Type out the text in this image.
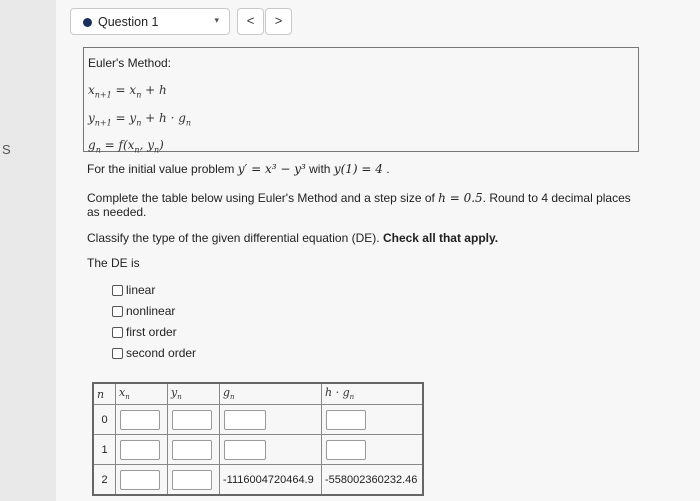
Question 1	▾	<	>
Euler's Method:
$x_{n+1} = x_n + h$
$y_{n+1} = y_n + h \cdot g_n$
$g_n = f(x_n$, $y_n$)
For the initial value problem y′ = x³ − y³ with y(1) = 4 .
Complete the table below using Euler's Method and a step size of h = 0.5. Round to 4 decimal places as needed.
Classify the type of the given differential equation (DE). Check all that apply.
The DE is
linear
nonlinear
first order
second order
n	$x_n$	$y_n$	$g_n$	$h \cdot g_n$
0				
1				
2			-1116004720464.9	-558002360232.46
S
